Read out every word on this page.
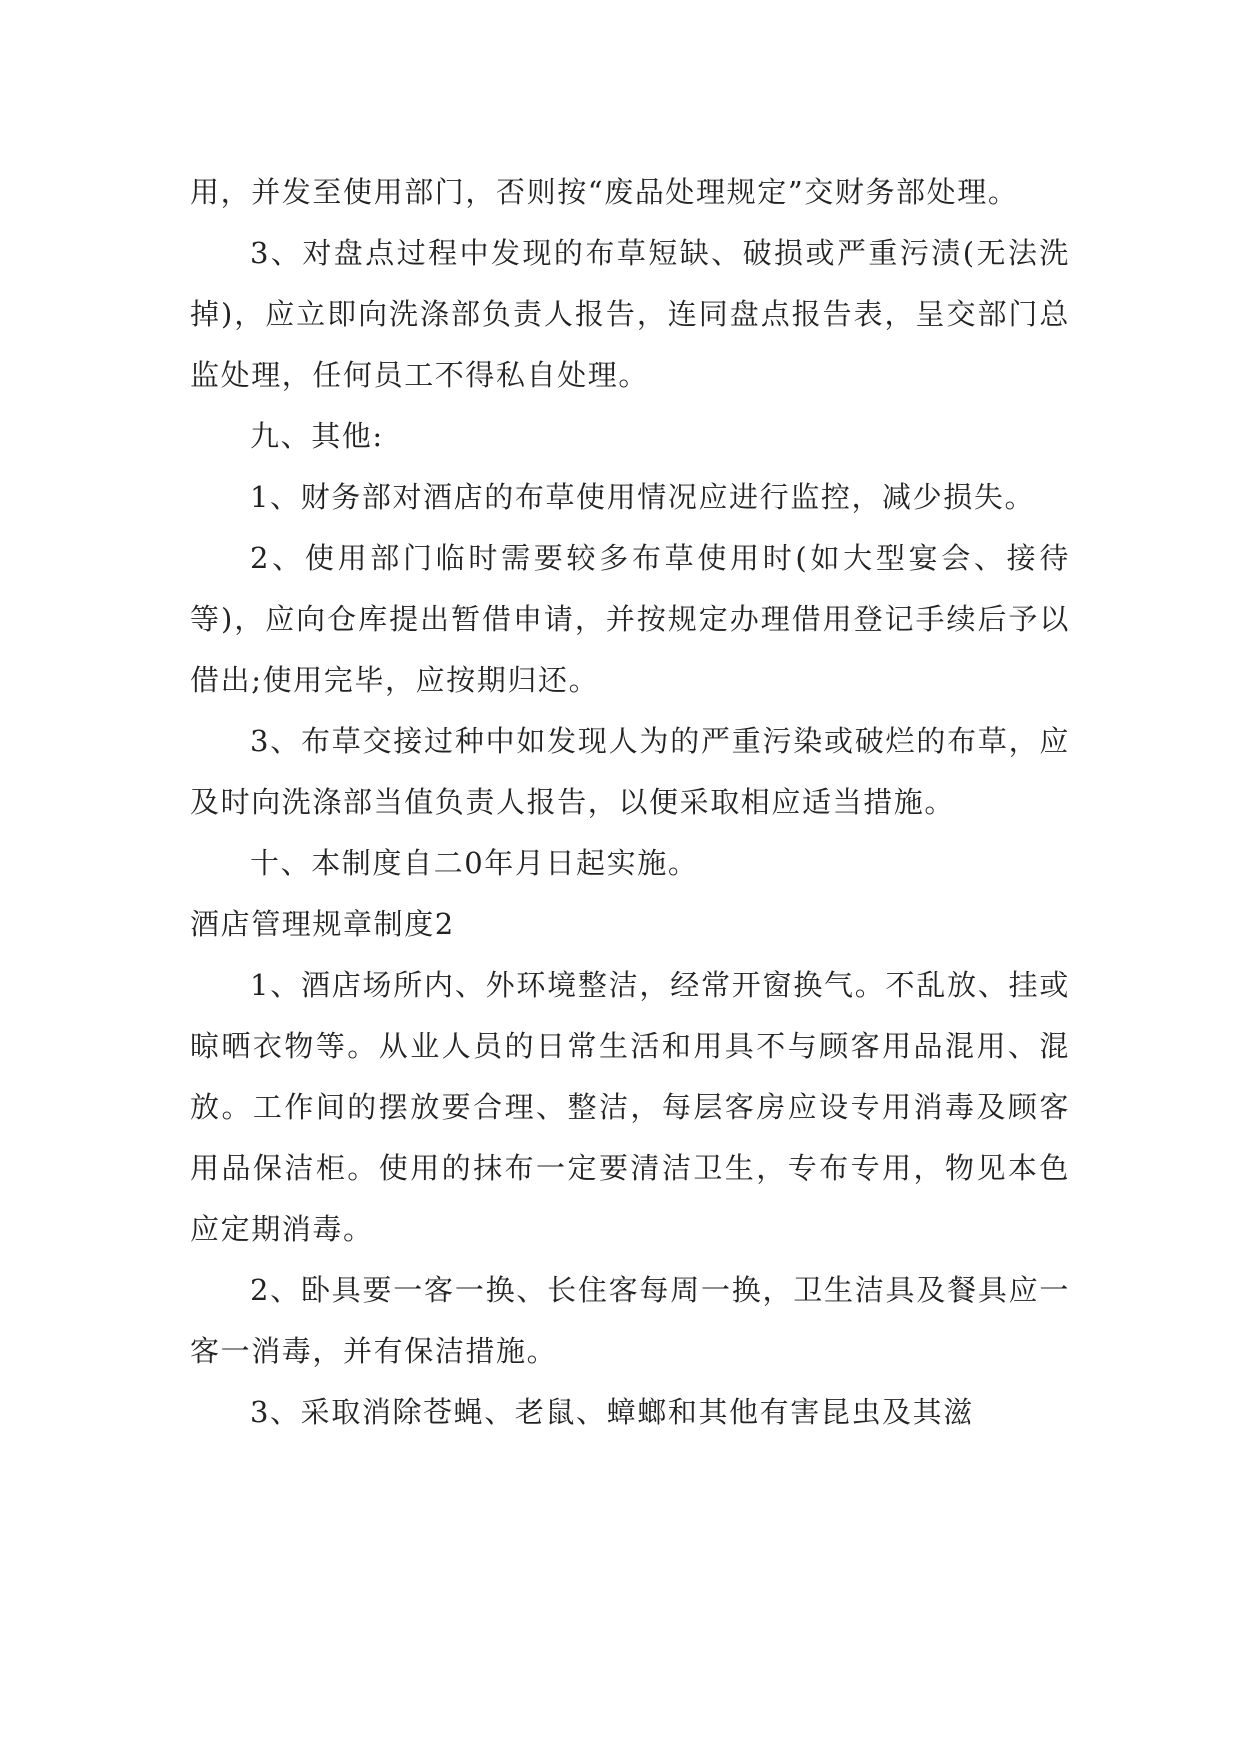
用，并发至使用部门，否则按“废品处理规定”交财务部处理。

3、对盘点过程中发现的布草短缺、破损或严重污渍(无法洗掉)，应立即向洗涤部负责人报告，连同盘点报告表，呈交部门总监处理，任何员工不得私自处理。

九、其他:

1、财务部对酒店的布草使用情况应进行监控，减少损失。

2、使用部门临时需要较多布草使用时(如大型宴会、接待等)，应向仓库提出暂借申请，并按规定办理借用登记手续后予以借出;使用完毕，应按期归还。

3、布草交接过种中如发现人为的严重污染或破烂的布草，应及时向洗涤部当值负责人报告，以便采取相应适当措施。

十、本制度自二0年月日起实施。

酒店管理规章制度2

1、酒店场所内、外环境整洁，经常开窗换气。不乱放、挂或晾晒衣物等。从业人员的日常生活和用具不与顾客用品混用、混放。工作间的摆放要合理、整洁，每层客房应设专用消毒及顾客用品保洁柜。使用的抹布一定要清洁卫生，专布专用，物见本色应定期消毒。

2、卧具要一客一换、长住客每周一换，卫生洁具及餐具应一客一消毒，并有保洁措施。

3、采取消除苍蝇、老鼠、蟑螂和其他有害昆虫及其滋
